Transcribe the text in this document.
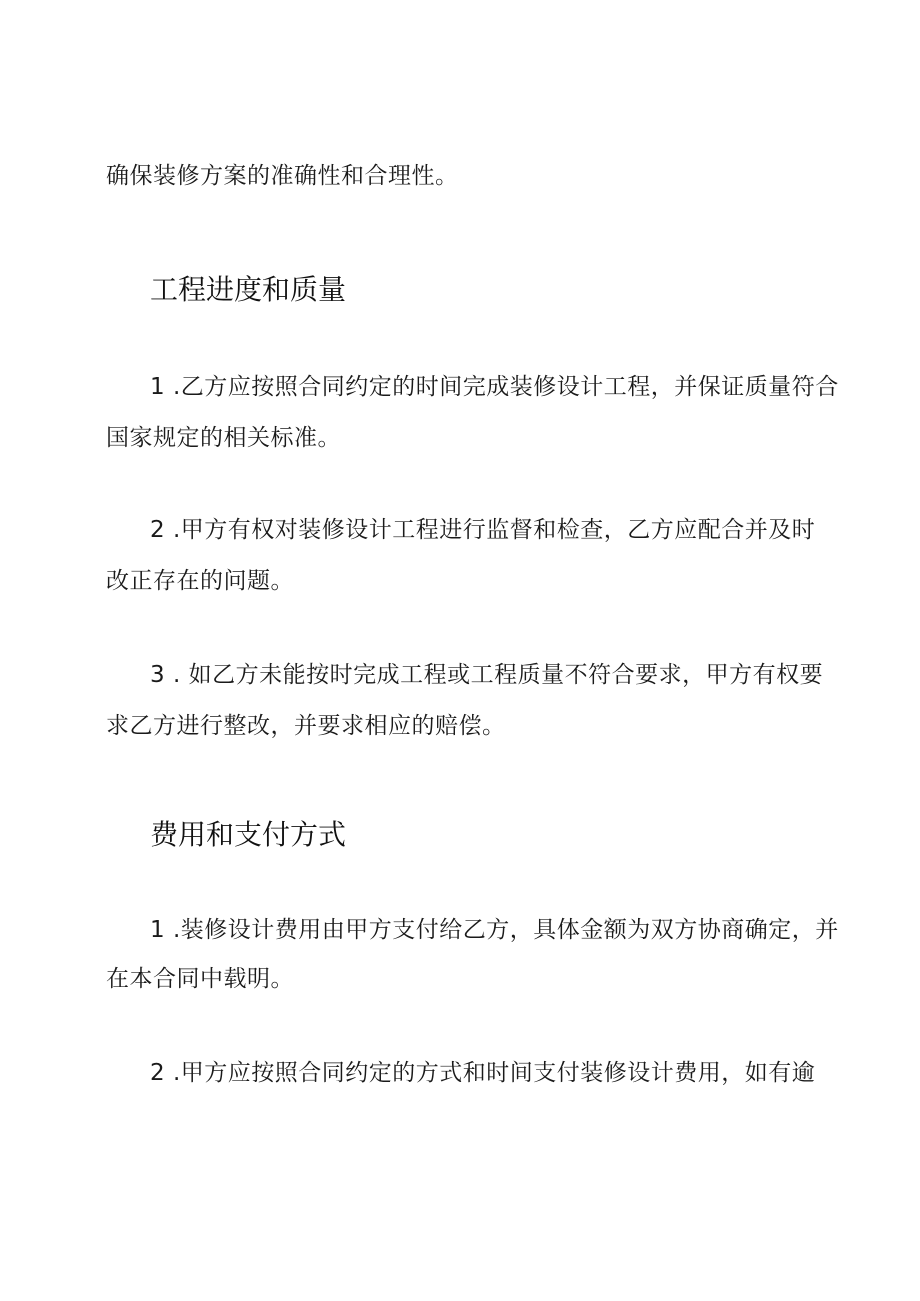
确保装修方案的准确性和合理性。
工程进度和质量
1 .乙方应按照合同约定的时间完成装修设计工程，并保证质量符合
国家规定的相关标准。
2 .甲方有权对装修设计工程进行监督和检查，乙方应配合并及时
改正存在的问题。
3 . 如乙方未能按时完成工程或工程质量不符合要求，甲方有权要
求乙方进行整改，并要求相应的赔偿。
费用和支付方式
1 .装修设计费用由甲方支付给乙方，具体金额为双方协商确定，并
在本合同中载明。
2 .甲方应按照合同约定的方式和时间支付装修设计费用，如有逾
